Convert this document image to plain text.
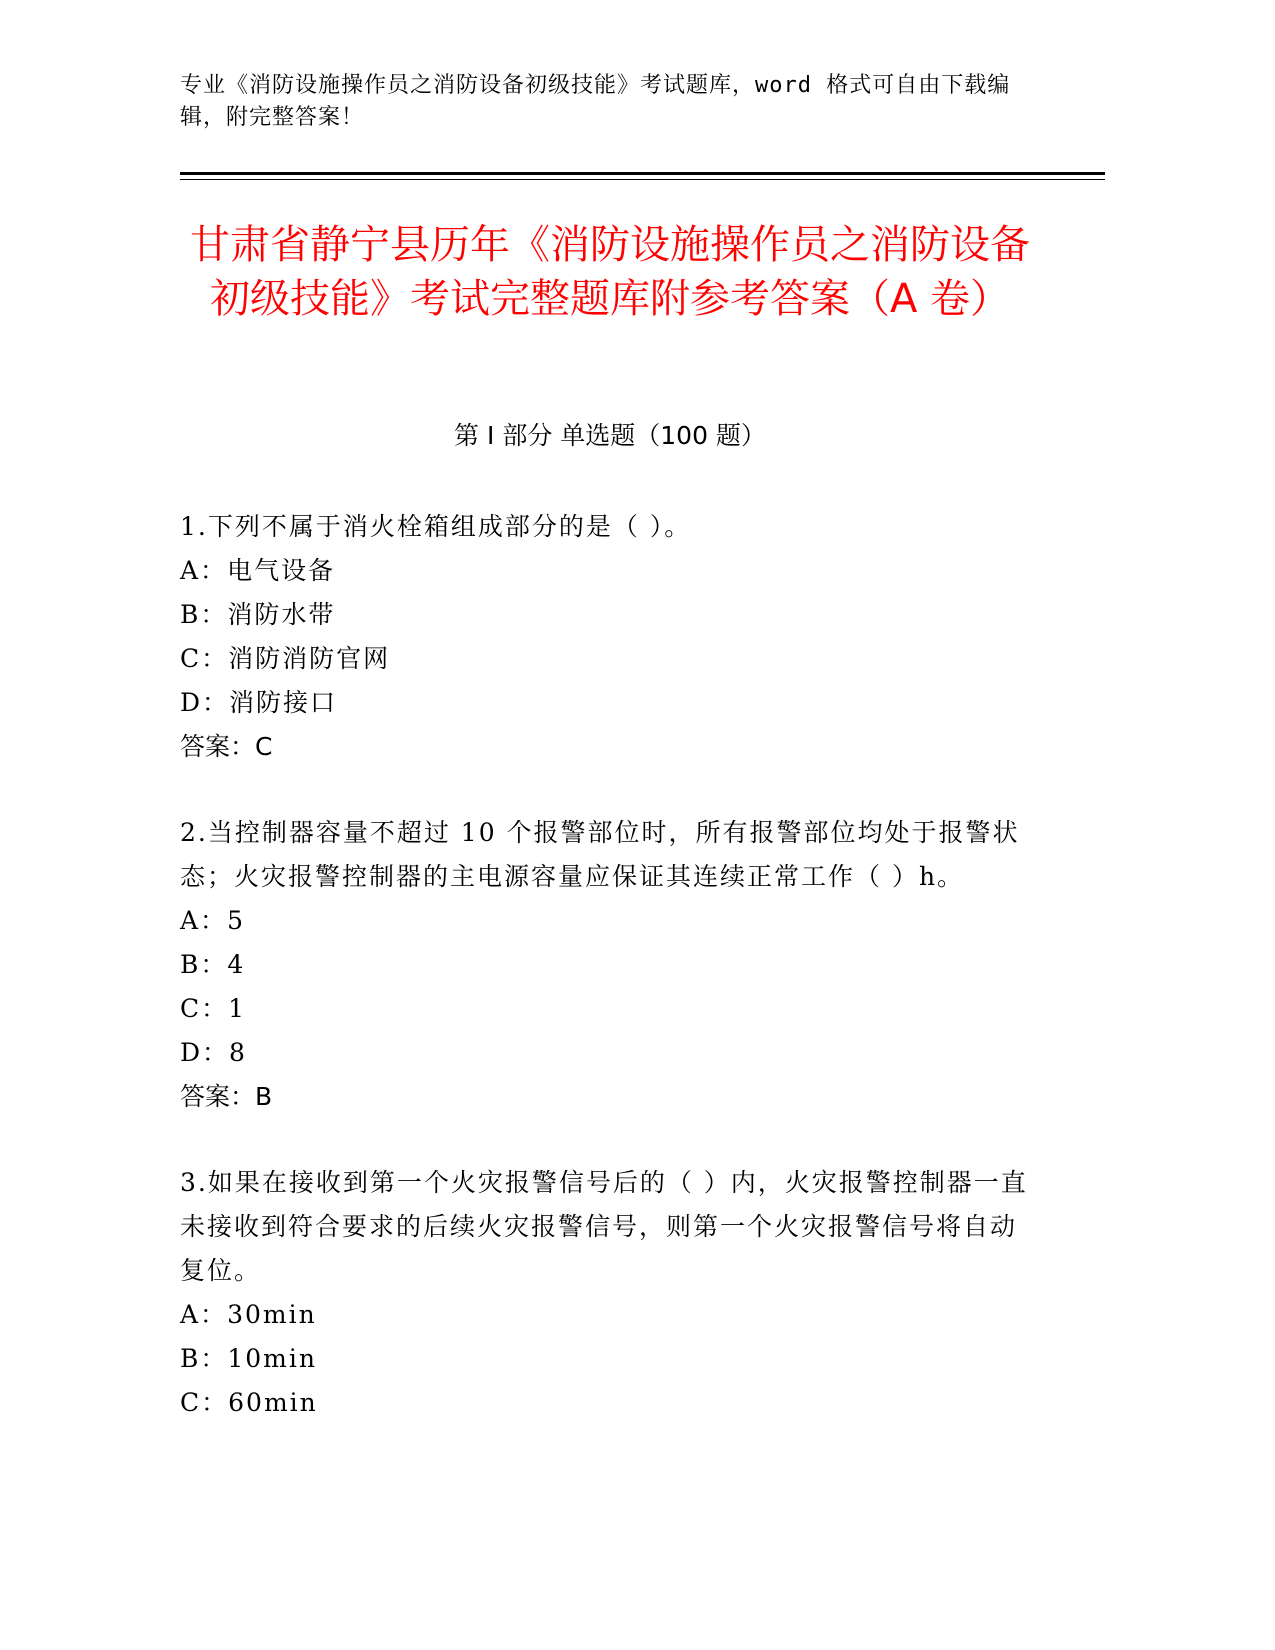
专业《消防设施操作员之消防设备初级技能》考试题库，word 格式可自由下载编辑，附完整答案！
甘肃省静宁县历年《消防设施操作员之消防设备初级技能》考试完整题库附参考答案（A 卷）
第 I 部分 单选题（100 题）
1.下列不属于消火栓箱组成部分的是（ ）。
A： 电气设备
B： 消防水带
C： 消防消防官网
D： 消防接口
答案：C
2.当控制器容量不超过 10 个报警部位时，所有报警部位均处于报警状态；火灾报警控制器的主电源容量应保证其连续正常工作（ ）h。
A： 5
B： 4
C： 1
D： 8
答案：B
3.如果在接收到第一个火灾报警信号后的（ ）内，火灾报警控制器一直未接收到符合要求的后续火灾报警信号，则第一个火灾报警信号将自动复位。
A： 30min
B： 10min
C： 60min
